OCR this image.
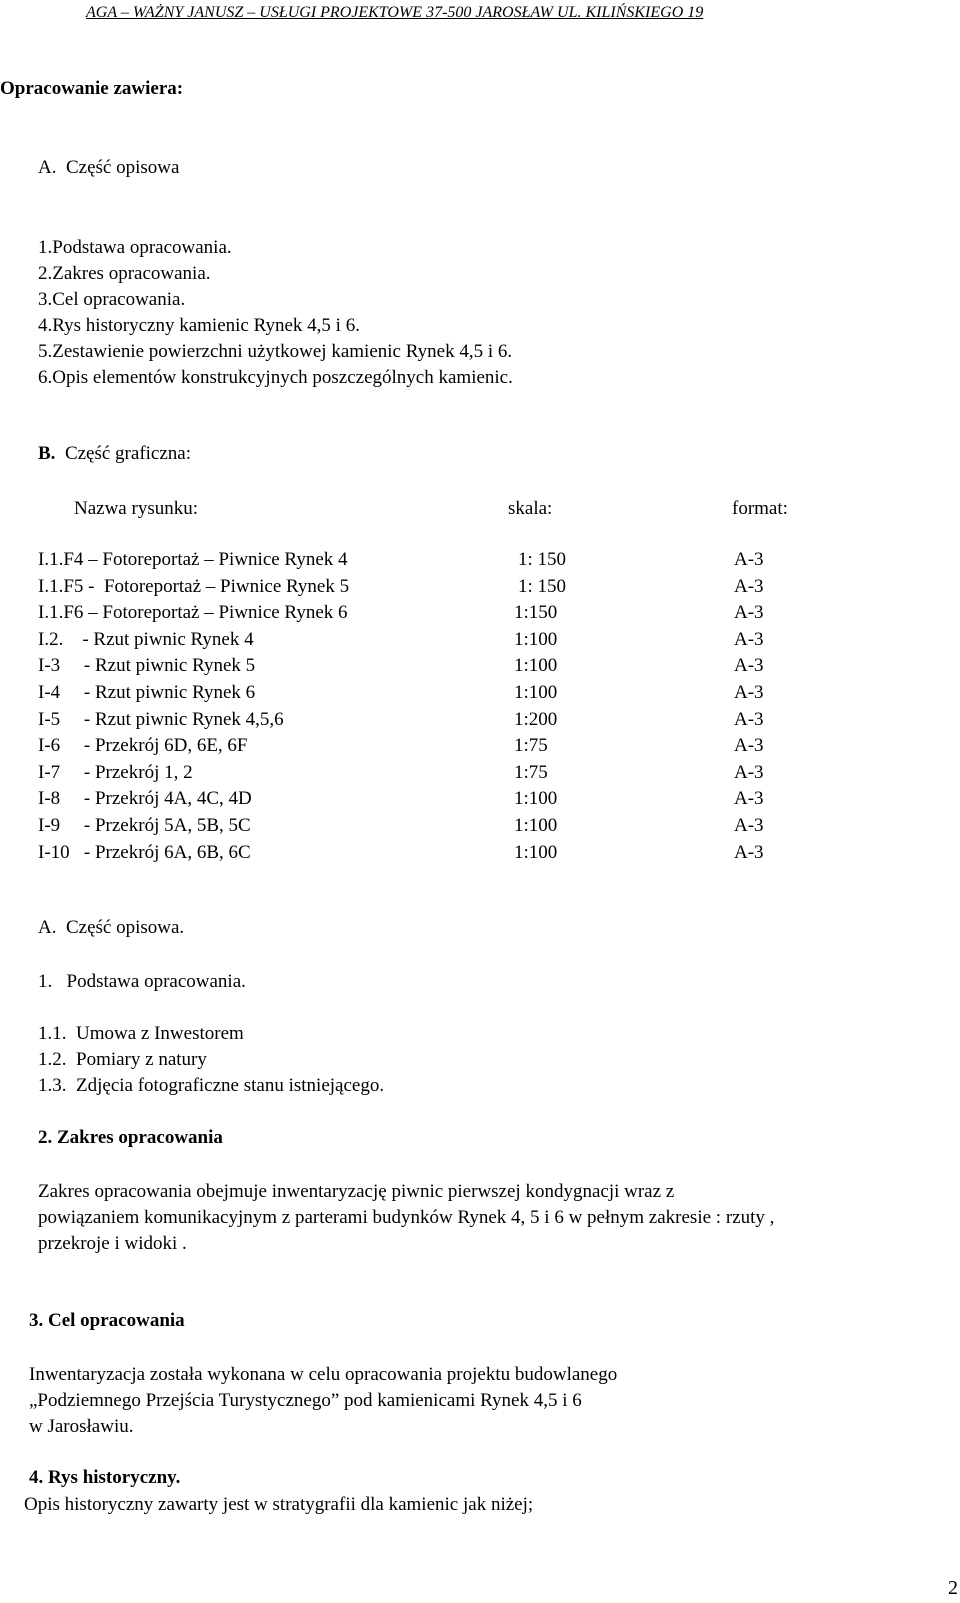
AGA – WAŻNY JANUSZ – USŁUGI PROJEKTOWE 37-500 JAROSŁAW UL. KILIŃSKIEGO 19
Opracowanie zawiera:
A. Część opisowa
1.Podstawa opracowania.
2.Zakres opracowania.
3.Cel opracowania.
4.Rys historyczny kamienic Rynek 4,5 i 6.
5.Zestawienie powierzchni użytkowej kamienic Rynek 4,5 i 6.
6.Opis elementów konstrukcyjnych poszczególnych kamienic.
B. Część graficzna:
Nazwa rysunku:	skala:	format:
I.1.F4 – Fotoreportaż – Piwnice Rynek 4	1: 150	A-3
I.1.F5 -  Fotoreportaż – Piwnice Rynek 5	1: 150	A-3
I.1.F6 – Fotoreportaż – Piwnice Rynek 6	1:150	A-3
I.2.    - Rzut piwnic Rynek 4	1:100	A-3
I-3     - Rzut piwnic Rynek 5	1:100	A-3
I-4     - Rzut piwnic Rynek 6	1:100	A-3
I-5     - Rzut piwnic Rynek 4,5,6	1:200	A-3
I-6     - Przekrój 6D, 6E, 6F	1:75	A-3
I-7     - Przekrój 1, 2	1:75	A-3
I-8     - Przekrój 4A, 4C, 4D	1:100	A-3
I-9     - Przekrój 5A, 5B, 5C	1:100	A-3
I-10   - Przekrój 6A, 6B, 6C	1:100	A-3
A. Część opisowa.
1. Podstawa opracowania.
1.1. Umowa z Inwestorem
1.2. Pomiary z natury
1.3. Zdjęcia fotograficzne stanu istniejącego.
2. Zakres opracowania
Zakres opracowania obejmuje inwentaryzację piwnic pierwszej kondygnacji wraz z
powiązaniem komunikacyjnym z parterami budynków Rynek 4, 5 i 6 w pełnym zakresie : rzuty ,
przekroje i widoki .
3. Cel opracowania
Inwentaryzacja została wykonana w celu opracowania projektu budowlanego
„Podziemnego Przejścia Turystycznego” pod kamienicami Rynek 4,5 i 6
w Jarosławiu.
4. Rys historyczny.
Opis historyczny zawarty jest w stratygrafii dla kamienic jak niżej;
2
